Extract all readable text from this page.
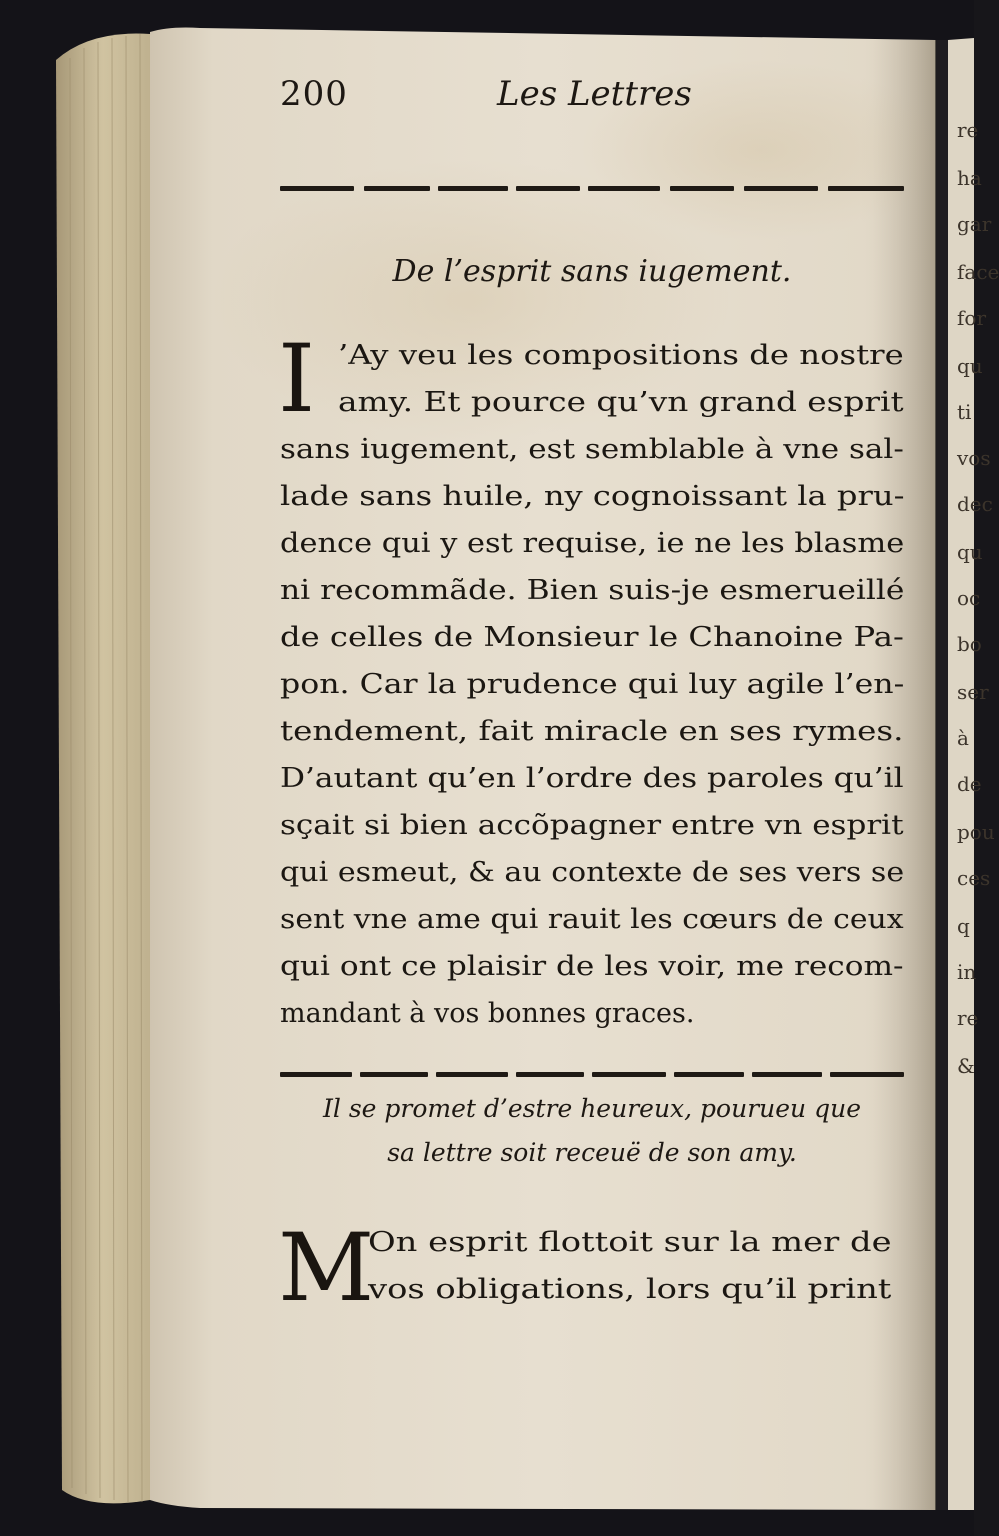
200	Les Lettres
De l’esprit sans iugement.
I ’Ay veu les compositions de nostre
amy. Et pource qu’vn grand esprit
sans iugement, est semblable à vne sal-
lade sans huile, ny cognoissant la pru-
dence qui y est requise, ie ne les blasme
ni recommãde. Bien suis-je esmerueillé
de celles de Monsieur le Chanoine Pa-
pon. Car la prudence qui luy agile l’en-
tendement, fait miracle en ses rymes.
D’autant qu’en l’ordre des paroles qu’il
sçait si bien accõpagner entre vn esprit
qui esmeut, & au contexte de ses vers se
sent vne ame qui rauit les cœurs de ceux
qui ont ce plaisir de les voir, me recom-
mandant à vos bonnes graces.
Il se promet d’estre heureux, pourueu que
sa lettre soit receuë de son amy.
M
On esprit flottoit sur la mer de
vos obligations, lors qu’il print
re
ha
gar
face
for
qu
ti
vos
dec
qu
oc
bo
ser
à
de
pou
ces
q
in
re
&
